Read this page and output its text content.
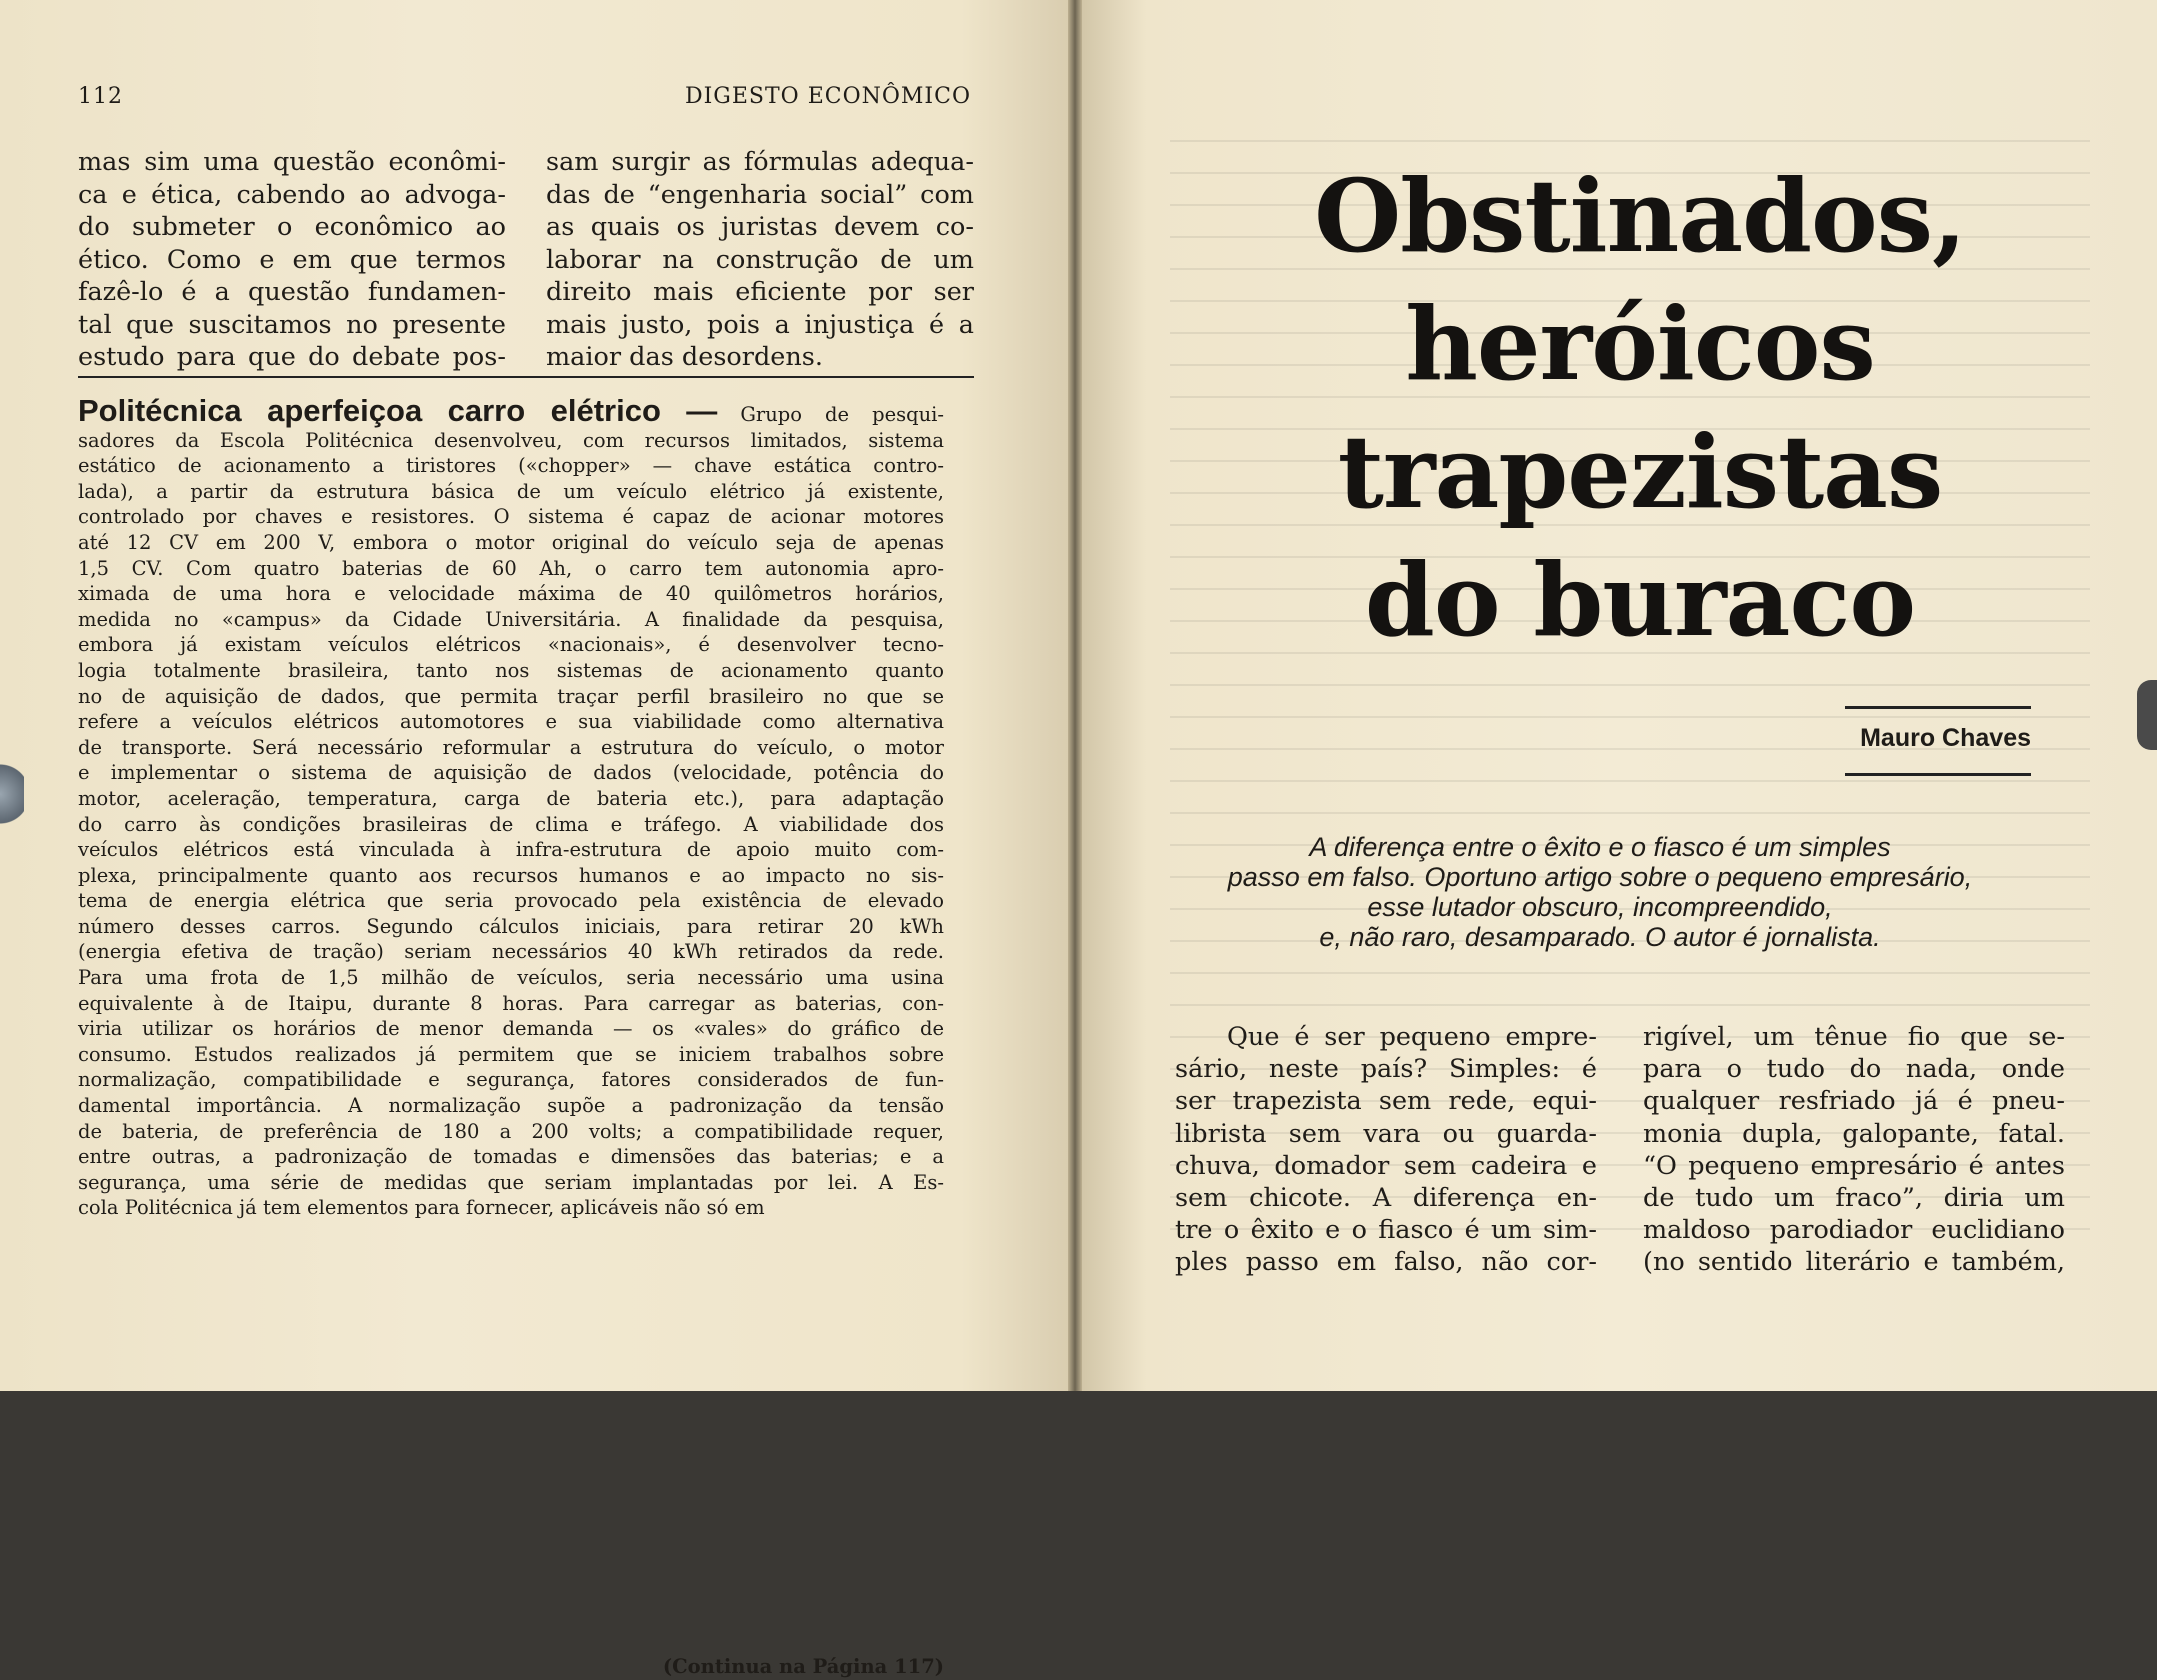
112	DIGESTO ECONÔMICO
mas sim uma questão econômi-
ca e ética, cabendo ao advoga-
do submeter o econômico ao
ético. Como e em que termos
fazê-lo é a questão fundamen-
tal que suscitamos no presente
estudo para que do debate pos-
sam surgir as fórmulas adequa-
das de “engenharia social” com
as quais os juristas devem co-
laborar na construção de um
direito mais eficiente por ser
mais justo, pois a injustiça é a
maior das desordens.
Politécnica aperfeiçoa carro elétrico — Grupo de pesqui-
sadores da Escola Politécnica desenvolveu, com recursos limitados, sistema
estático de acionamento a tiristores («chopper» — chave estática contro-
lada), a partir da estrutura básica de um veículo elétrico já existente,
controlado por chaves e resistores. O sistema é capaz de acionar motores
até 12 CV em 200 V, embora o motor original do veículo seja de apenas
1,5 CV. Com quatro baterias de 60 Ah, o carro tem autonomia apro-
ximada de uma hora e velocidade máxima de 40 quilômetros horários,
medida no «campus» da Cidade Universitária. A finalidade da pesquisa,
embora já existam veículos elétricos «nacionais», é desenvolver tecno-
logia totalmente brasileira, tanto nos sistemas de acionamento quanto
no de aquisição de dados, que permita traçar perfil brasileiro no que se
refere a veículos elétricos automotores e sua viabilidade como alternativa
de transporte. Será necessário reformular a estrutura do veículo, o motor
e implementar o sistema de aquisição de dados (velocidade, potência do
motor, aceleração, temperatura, carga de bateria etc.), para adaptação
do carro às condições brasileiras de clima e tráfego. A viabilidade dos
veículos elétricos está vinculada à infra-estrutura de apoio muito com-
plexa, principalmente quanto aos recursos humanos e ao impacto no sis-
tema de energia elétrica que seria provocado pela existência de elevado
número desses carros. Segundo cálculos iniciais, para retirar 20 kWh
(energia efetiva de tração) seriam necessários 40 kWh retirados da rede.
Para uma frota de 1,5 milhão de veículos, seria necessário uma usina
equivalente à de Itaipu, durante 8 horas. Para carregar as baterias, con-
viria utilizar os horários de menor demanda — os «vales» do gráfico de
consumo. Estudos realizados já permitem que se iniciem trabalhos sobre
normalização, compatibilidade e segurança, fatores considerados de fun-
damental importância. A normalização supõe a padronização da tensão
de bateria, de preferência de 180 a 200 volts; a compatibilidade requer,
entre outras, a padronização de tomadas e dimensões das baterias; e a
segurança, uma série de medidas que seriam implantadas por lei. A Es-
cola Politécnica já tem elementos para fornecer, aplicáveis não só em
(Continua na Página 117)
Obstinados,
heróicos
trapezistas
do buraco
Mauro Chaves
A diferença entre o êxito e o fiasco é um simples
passo em falso. Oportuno artigo sobre o pequeno empresário,
esse lutador obscuro, incompreendido,
e, não raro, desamparado. O autor é jornalista.
Que é ser pequeno empre-
sário, neste país? Simples: é
ser trapezista sem rede, equi-
librista sem vara ou guarda-
chuva, domador sem cadeira e
sem chicote. A diferença en-
tre o êxito e o fiasco é um sim-
ples passo em falso, não cor-
rigível, um tênue fio que se-
para o tudo do nada, onde
qualquer resfriado já é pneu-
monia dupla, galopante, fatal.
“O pequeno empresário é antes
de tudo um fraco”, diria um
maldoso parodiador euclidiano
(no sentido literário e também,
